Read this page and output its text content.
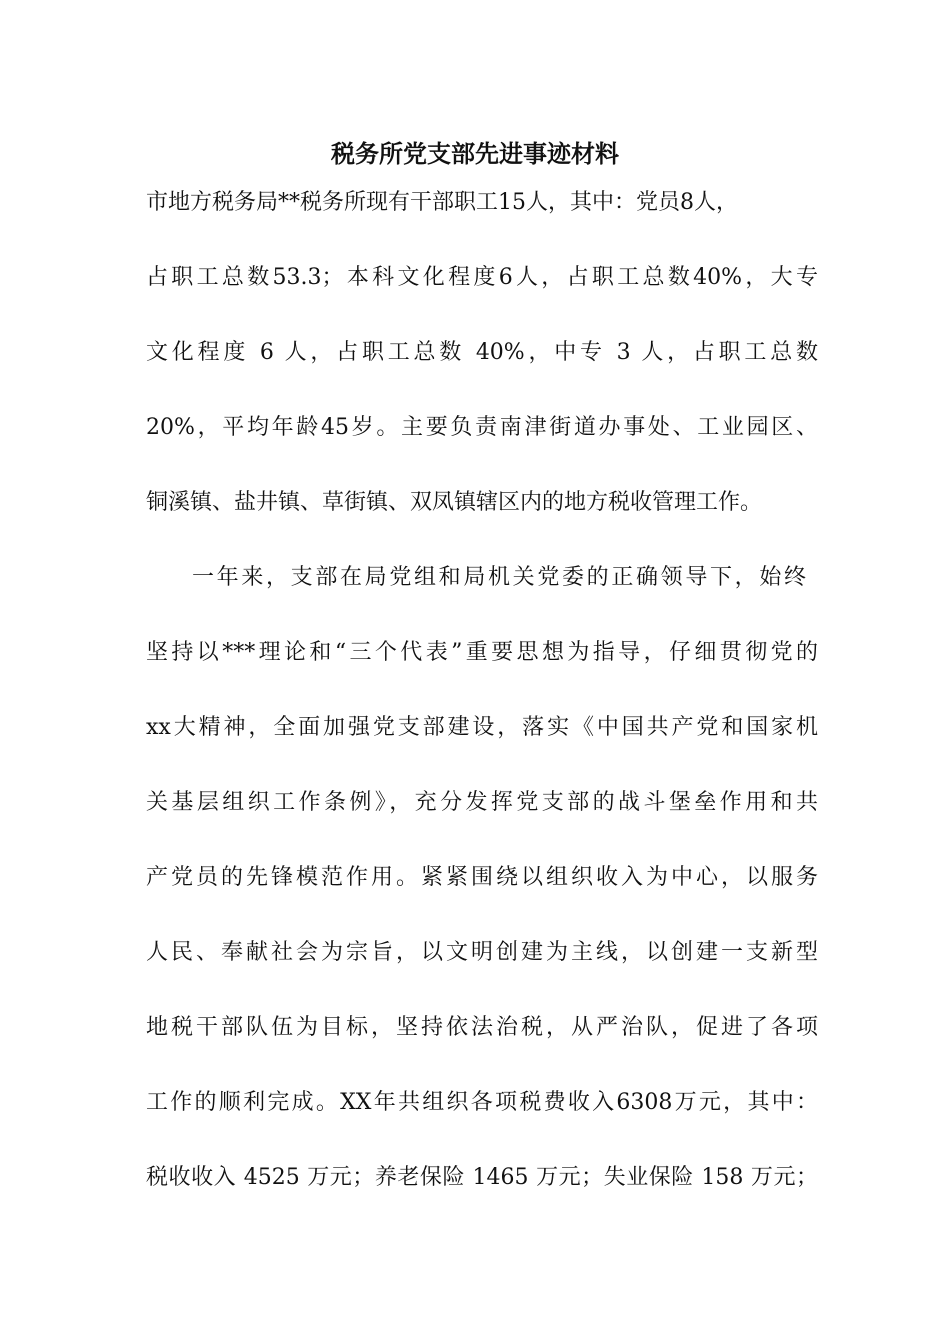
税务所党支部先进事迹材料

市地方税务局**税务所现有干部职工15人，其中：党员8人，

占职工总数53.3；本科文化程度6人，占职工总数40%，大专

文化程度 6 人，占职工总数 40%，中专 3 人，占职工总数

20%，平均年龄45岁。主要负责南津街道办事处、工业园区、

铜溪镇、盐井镇、草街镇、双凤镇辖区内的地方税收管理工作。

一年来，支部在局党组和局机关党委的正确领导下，始终

坚持以***理论和“三个代表”重要思想为指导，仔细贯彻党的

xx大精神，全面加强党支部建设，落实《中国共产党和国家机

关基层组织工作条例》，充分发挥党支部的战斗堡垒作用和共

产党员的先锋模范作用。紧紧围绕以组织收入为中心，以服务

人民、奉献社会为宗旨，以文明创建为主线，以创建一支新型

地税干部队伍为目标，坚持依法治税，从严治队，促进了各项

工作的顺利完成。XX年共组织各项税费收入6308万元，其中：

税收收入 4525 万元；养老保险 1465 万元；失业保险 158 万元；
